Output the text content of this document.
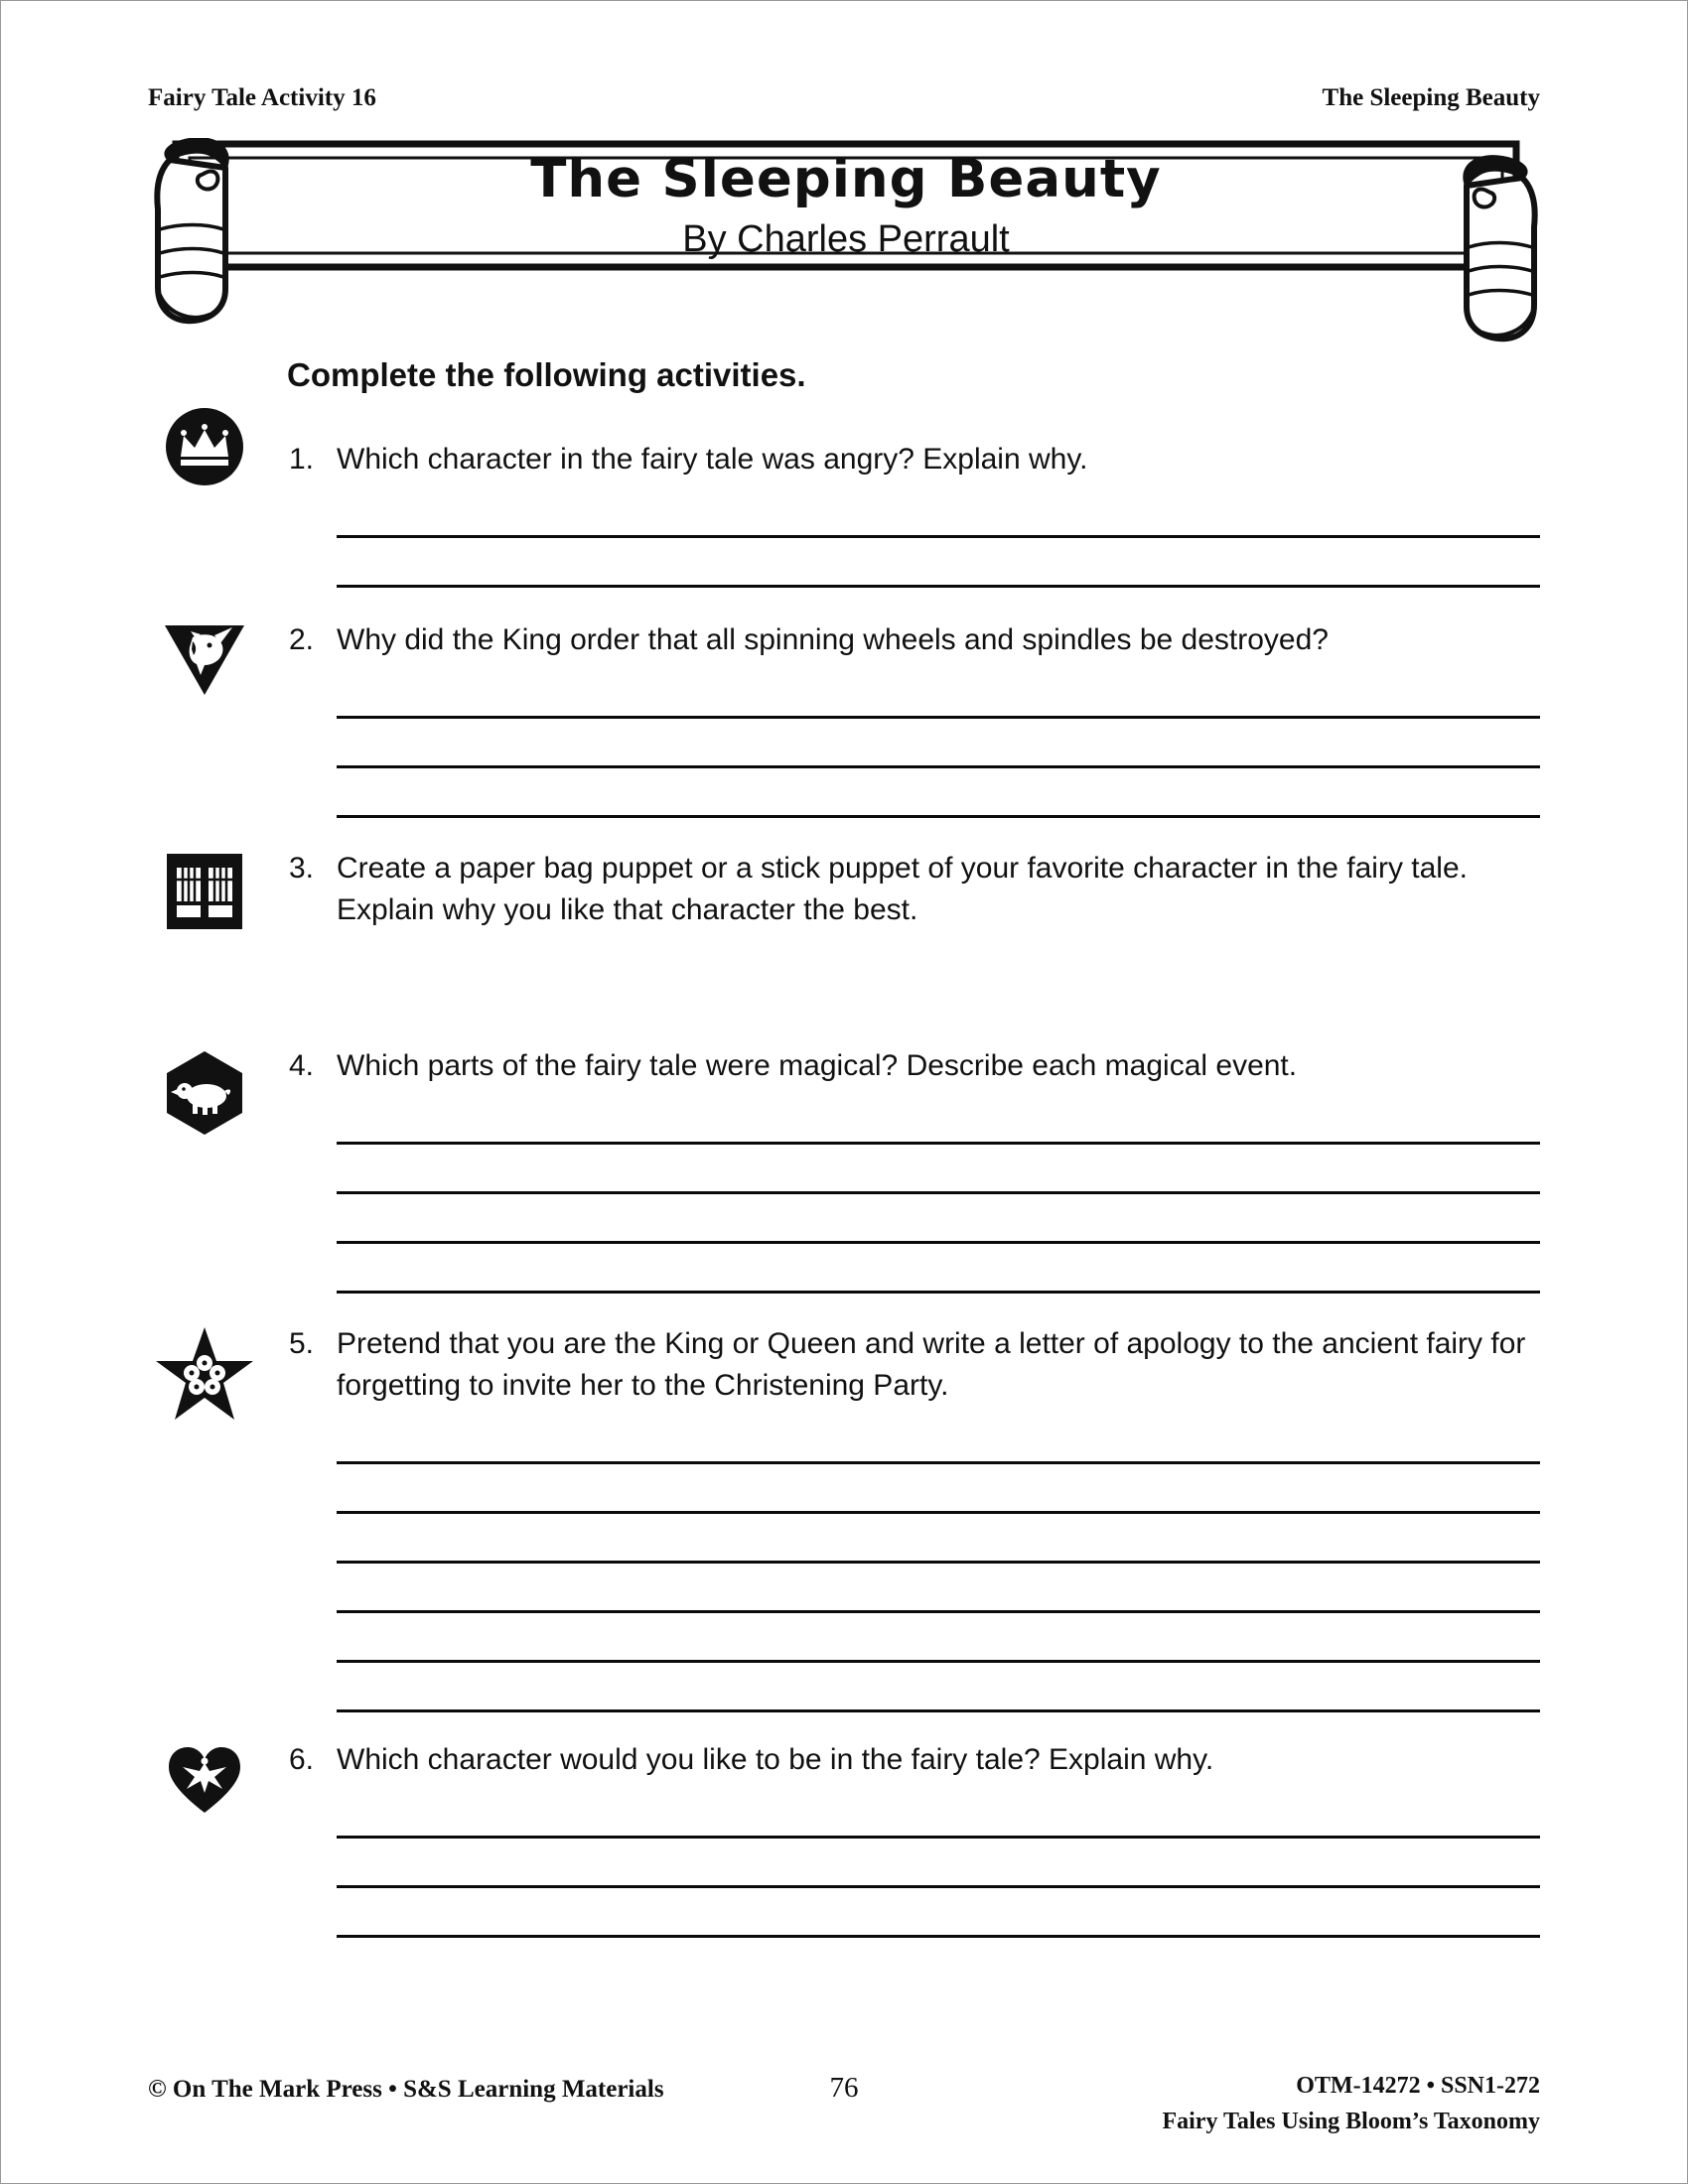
Fairy Tale Activity 16	The Sleeping Beauty
The Sleeping Beauty
By Charles Perrault
Complete the following activities.
1. Which character in the fairy tale was angry? Explain why.
2. Why did the King order that all spinning wheels and spindles be destroyed?
3. Create a paper bag puppet or a stick puppet of your favorite character in the fairy tale. Explain why you like that character the best.
4. Which parts of the fairy tale were magical? Describe each magical event.
5. Pretend that you are the King or Queen and write a letter of apology to the ancient fairy for forgetting to invite her to the Christening Party.
6. Which character would you like to be in the fairy tale? Explain why.
© On The Mark Press • S&S Learning Materials	76	OTM-14272 • SSN1-272
Fairy Tales Using Bloom’s Taxonomy
